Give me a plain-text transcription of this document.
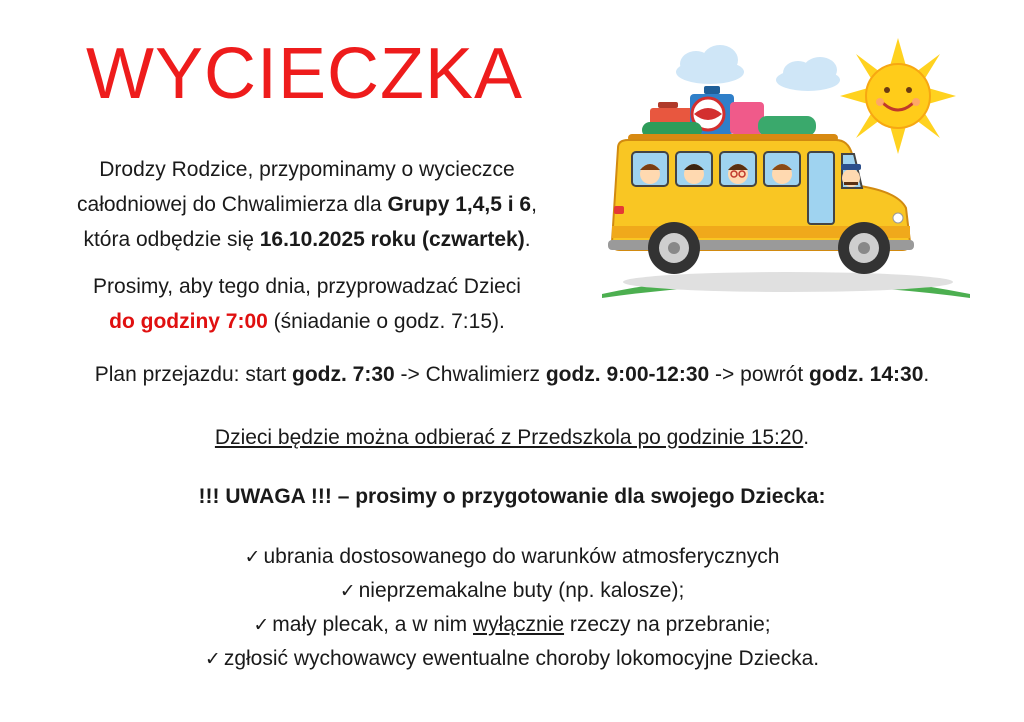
WYCIECZKA

Drodzy Rodzice, przypominamy o wycieczce
całodniowej do Chwalimierza dla Grupy 1,4,5 i 6,
która odbędzie się 16.10.2025 roku (czwartek).

Prosimy, aby tego dnia, przyprowadzać Dzieci
do godziny 7:00 (śniadanie o godz. 7:15).

Plan przejazdu: start godz. 7:30 -> Chwalimierz godz. 9:00-12:30 -> powrót godz. 14:30.
Dzieci będzie można odbierać z Przedszkola po godzinie 15:20.
!!! UWAGA !!! – prosimy o przygotowanie dla swojego Dziecka:
✓ ubrania dostosowanego do warunków atmosferycznych
✓ nieprzemakalne buty (np. kalosze);
✓ mały plecak, a w nim wyłącznie rzeczy na przebranie;
✓ zgłosić wychowawcy ewentualne choroby lokomocyjne Dziecka.
